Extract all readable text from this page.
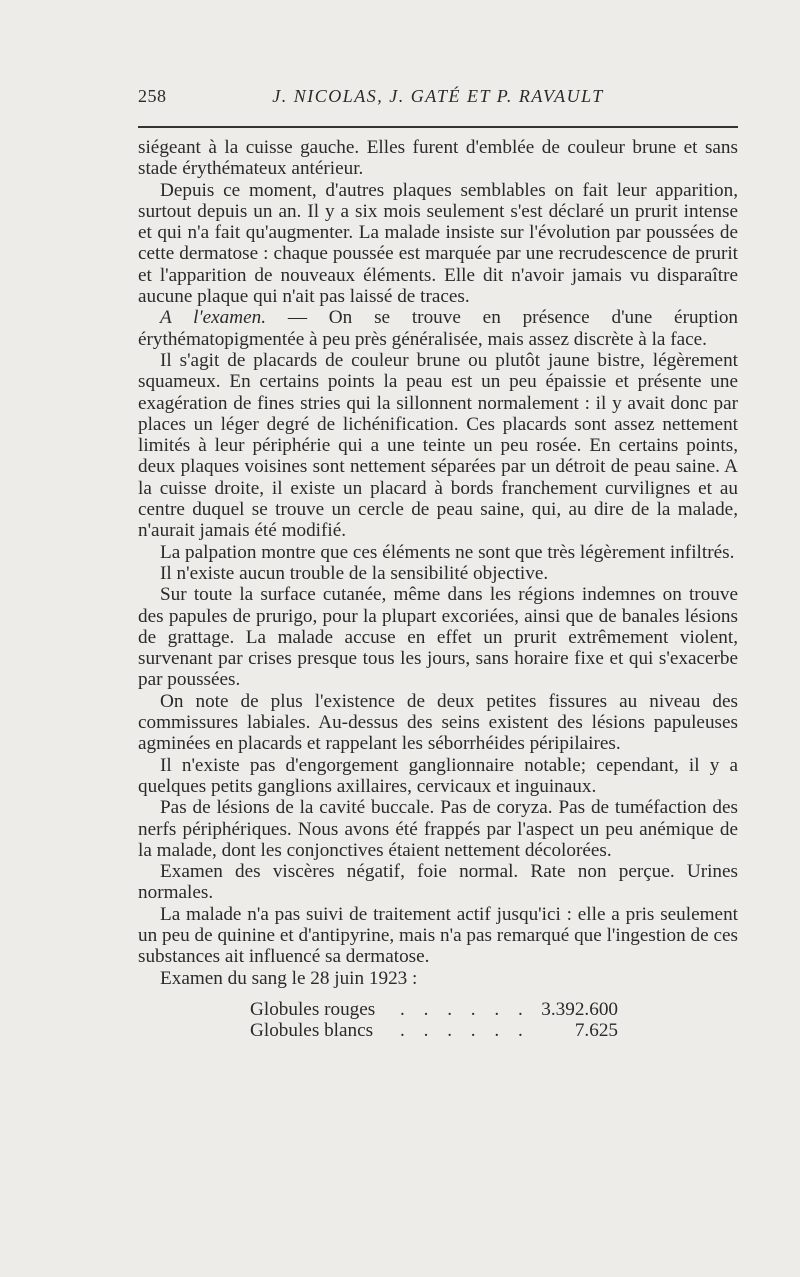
258	J. NICOLAS, J. GATÉ ET P. RAVAULT

siégeant à la cuisse gauche. Elles furent d'emblée de couleur brune et sans stade érythémateux antérieur.

Depuis ce moment, d'autres plaques semblables on fait leur apparition, surtout depuis un an. Il y a six mois seulement s'est déclaré un prurit intense et qui n'a fait qu'augmenter. La malade insiste sur l'évolution par poussées de cette dermatose : chaque poussée est marquée par une recrudescence de prurit et l'apparition de nouveaux éléments. Elle dit n'avoir jamais vu disparaître aucune plaque qui n'ait pas laissé de traces.

A l'examen. — On se trouve en présence d'une éruption érythématopigmentée à peu près généralisée, mais assez discrète à la face.

Il s'agit de placards de couleur brune ou plutôt jaune bistre, légèrement squameux. En certains points la peau est un peu épaissie et présente une exagération de fines stries qui la sillonnent normalement : il y avait donc par places un léger degré de lichénification. Ces placards sont assez nettement limités à leur périphérie qui a une teinte un peu rosée. En certains points, deux plaques voisines sont nettement séparées par un détroit de peau saine. A la cuisse droite, il existe un placard à bords franchement curvilignes et au centre duquel se trouve un cercle de peau saine, qui, au dire de la malade, n'aurait jamais été modifié.

La palpation montre que ces éléments ne sont que très légèrement infiltrés.

Il n'existe aucun trouble de la sensibilité objective.

Sur toute la surface cutanée, même dans les régions indemnes on trouve des papules de prurigo, pour la plupart excoriées, ainsi que de banales lésions de grattage. La malade accuse en effet un prurit extrêmement violent, survenant par crises presque tous les jours, sans horaire fixe et qui s'exacerbe par poussées.

On note de plus l'existence de deux petites fissures au niveau des commissures labiales. Au-dessus des seins existent des lésions papuleuses agminées en placards et rappelant les séborrhéides péripilaires.

Il n'existe pas d'engorgement ganglionnaire notable; cependant, il y a quelques petits ganglions axillaires, cervicaux et inguinaux.

Pas de lésions de la cavité buccale. Pas de coryza. Pas de tuméfaction des nerfs périphériques. Nous avons été frappés par l'aspect un peu anémique de la malade, dont les conjonctives étaient nettement décolorées.

Examen des viscères négatif, foie normal. Rate non perçue. Urines normales.

La malade n'a pas suivi de traitement actif jusqu'ici : elle a pris seulement un peu de quinine et d'antipyrine, mais n'a pas remarqué que l'ingestion de ces substances ait influencé sa dermatose.

Examen du sang le 28 juin 1923 :

Globules rouges . . . . . . 3.392.600
Globules blancs . . . . . . 7.625
